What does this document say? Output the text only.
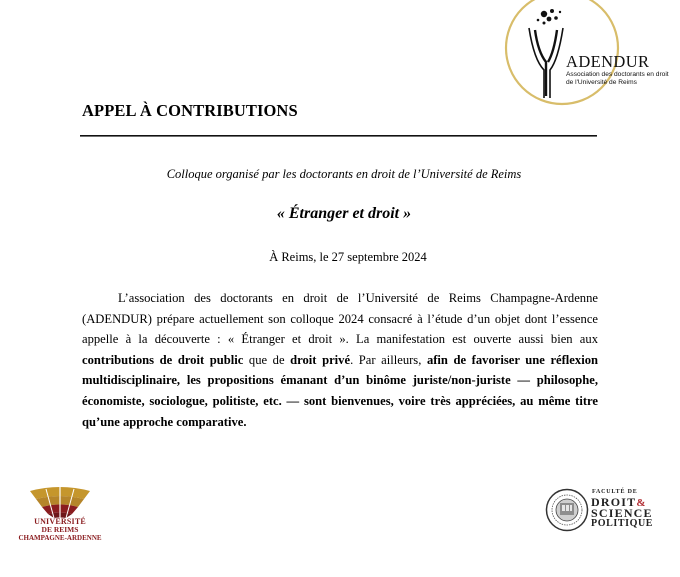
ADENDUR
Association des doctorants en droit de l'Université de Reims
APPEL À CONTRIBUTIONS
Colloque organisé par les doctorants en droit de l’Université de Reims
« Étranger et droit »
À Reims, le 27 septembre 2024

L’association des doctorants en droit de l’Université de Reims Champagne-Ardenne (ADENDUR) prépare actuellement son colloque 2024 consacré à l’étude d’un objet dont l’essence appelle à la découverte : « Étranger et droit ». La manifestation est ouverte aussi bien aux contributions de droit public que de droit privé. Par ailleurs, afin de favoriser une réflexion multidisciplinaire, les propositions émanant d’un binôme juriste/non-juriste — philosophe, économiste, sociologue, politiste, etc. — sont bienvenues, voire très appréciées, au même titre qu’une approche comparative.

UNIVERSITÉ
DE REIMS
CHAMPAGNE-ARDENNE
FACULTÉ DE
DROIT&
SCIENCE
POLITIQUE
